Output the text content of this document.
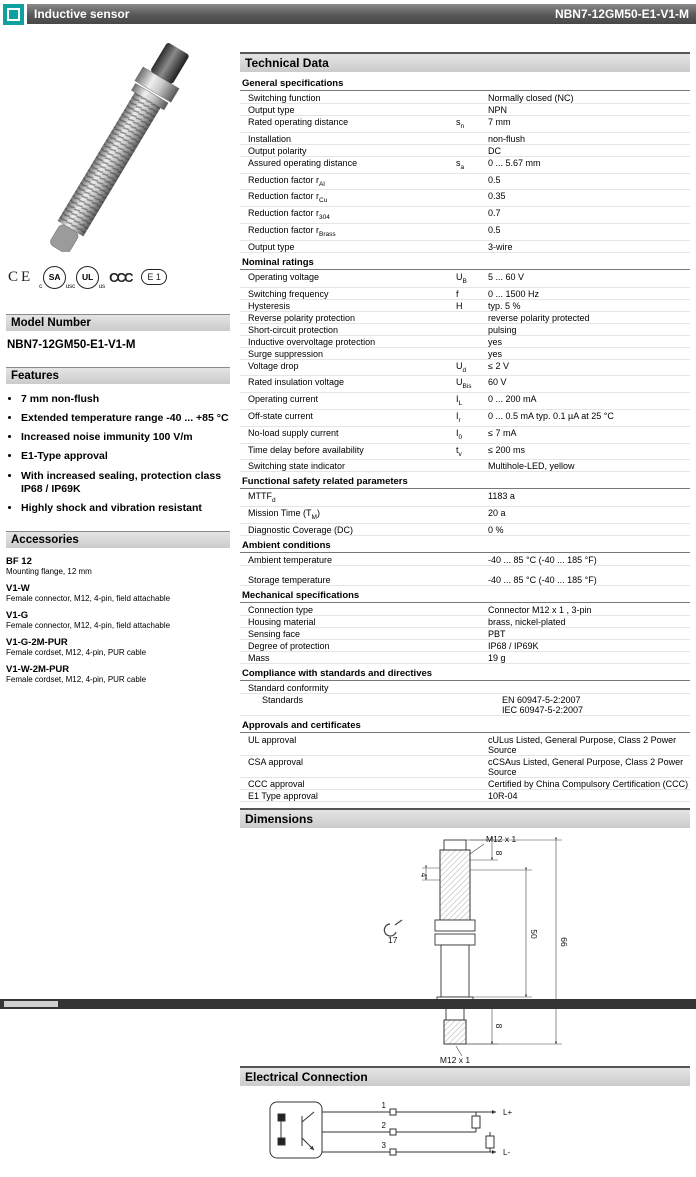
Inductive sensor	NBN7-12GM50-E1-V1-M
CE
c
SA
us c
UL
us
CCC	E 1
Model Number
NBN7-12GM50-E1-V1-M
Features
• 7 mm non-flush
• Extended temperature range -40 ... +85 °C
• Increased noise immunity 100 V/m
• E1-Type approval
• With increased sealing, protection class IP68 / IP69K
• Highly shock and vibration resistant
Accessories
BF 12
Mounting flange, 12 mm
V1-W
Female connector, M12, 4-pin, field attachable
V1-G
Female connector, M12, 4-pin, field attachable
V1-G-2M-PUR
Female cordset, M12, 4-pin, PUR cable
V1-W-2M-PUR
Female cordset, M12, 4-pin, PUR cable
Technical Data
General specifications
Switching function	Normally closed (NC)
Output type	NPN
Rated operating distance	$s_n$	7 mm
Installation	non-flush
Output polarity	DC
Assured operating distance	$s_a$	0 ... 5.67 mm
Reduction factor $r_{Al}$	0.5
Reduction factor $r_{Cu}$	0.35
Reduction factor $r_{304}$	0.7
Reduction factor $r_{Brass}$	0.5
Output type	3-wire
Nominal ratings
Operating voltage	$U_B$	5 ... 60 V
Switching frequency	f	0 ... 1500 Hz
Hysteresis	H	typ. 5 %
Reverse polarity protection	reverse polarity protected
Short-circuit protection	pulsing
Inductive overvoltage protection	yes
Surge suppression	yes
Voltage drop	$U_d$	≤ 2 V
Rated insulation voltage	$U_{Bis}$	60 V
Operating current	$I_L$	0 ... 200 mA
Off-state current	$I_r$	0 ... 0.5 mA typ. 0.1 µA at 25 °C
No-load supply current	$I_0$	≤ 7 mA
Time delay before availability	$t_v$	≤ 200 ms
Switching state indicator	Multihole-LED, yellow
Functional safety related parameters
$MTTF_d$	1183 a
Mission Time $(T_M)$	20 a
Diagnostic Coverage (DC)	0 %
Ambient conditions
Ambient temperature	-40 ... 85 °C (-40 ... 185 °F)
Storage temperature	-40 ... 85 °C (-40 ... 185 °F)
Mechanical specifications
Connection type	Connector M12 x 1 , 3-pin
Housing material	brass, nickel-plated
Sensing face	PBT
Degree of protection	IP68 / IP69K
Mass	19 g
Compliance with standards and directives
Standard conformity
Standards	EN 60947-5-2:2007
IEC 60947-5-2:2007
Approvals and certificates
UL approval	cULus Listed, General Purpose, Class 2 Power Source
CSA approval	cCSAus Listed, General Purpose, Class 2 Power Source
CCC approval	Certified by China Compulsory Certification (CCC)
E1 Type approval	10R-04
Dimensions
M12 x 1
8
4
50
66
17
8
M12 x 1
Electrical Connection
1
2
3
L+
L-
